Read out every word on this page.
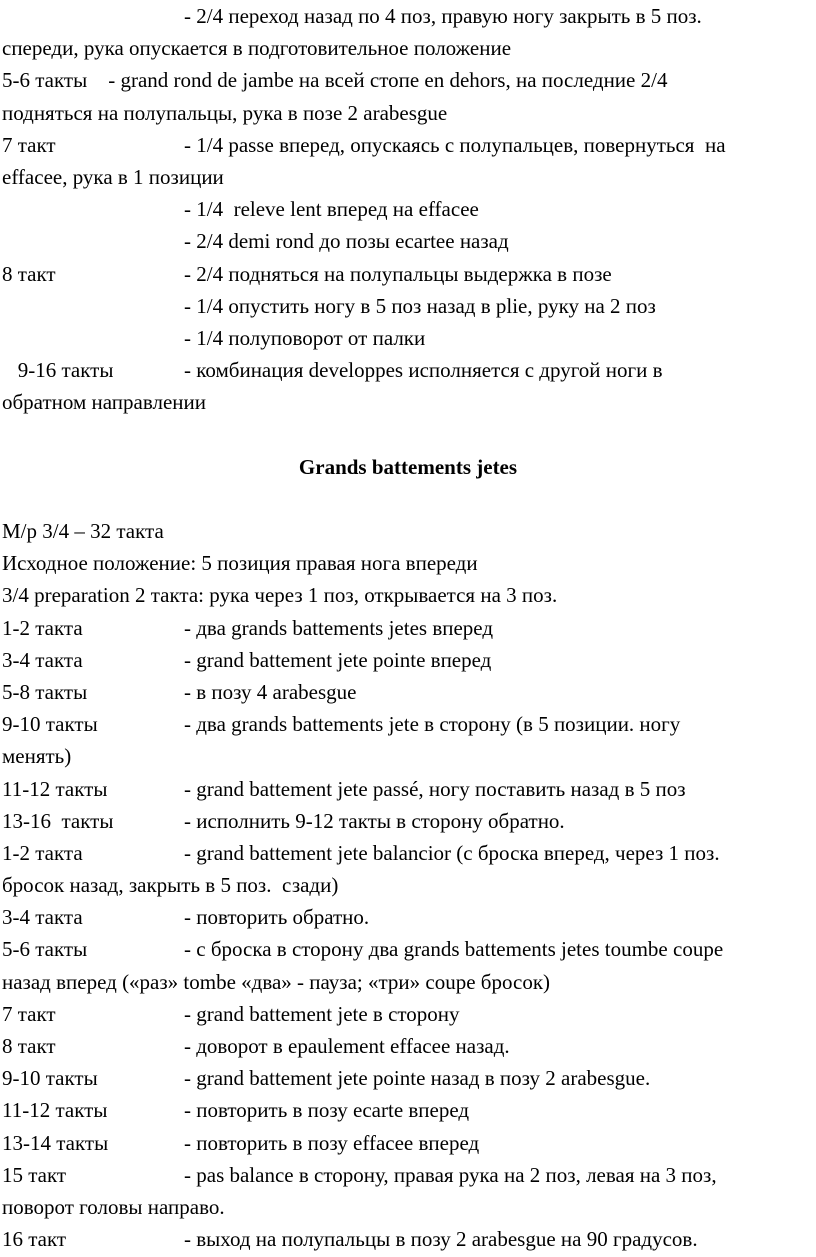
- 2/4 переход назад по 4 поз, правую ногу закрыть в 5 поз.
спереди, рука опускается в подготовительное положение
5-6 такты    - grand rond de jambe на всей стопе en dehors, на последние 2/4
подняться на полупальцы, рука в позе 2 arabesgue
7 такт	- 1/4 passe вперед, опускаясь с полупальцев, повернуться  на
effacee, рука в 1 позиции
- 1/4  releve lent вперед на effacee
- 2/4 demi rond до позы ecartee назад
8 такт	- 2/4 подняться на полупальцы выдержка в позе
- 1/4 опустить ногу в 5 поз назад в plie, руку на 2 поз
- 1/4 полуповорот от палки
9-16 такты	- комбинация developpes исполняется с другой ноги в
обратном направлении
Grands battements jetes
М/р 3/4 – 32 такта
Исходное положение: 5 позиция правая нога впереди
3/4 preparation 2 такта: рука через 1 поз, открывается на 3 поз.
1-2 такта	- два grands battements jetes вперед
3-4 такта	- grand battement jete pointe вперед
5-8 такты	- в позу 4 arabesgue
9-10 такты	- два grands battements jete в сторону (в 5 позиции. ногу
менять)
11-12 такты	- grand battement jete passé, ногу поставить назад в 5 поз
13-16  такты	- исполнить 9-12 такты в сторону обратно.
1-2 такта	- grand battement jete balancior (с броска вперед, через 1 поз.
бросок назад, закрыть в 5 поз.  сзади)
3-4 такта	- повторить обратно.
5-6 такты	- с броска в сторону два grands battements jetes toumbe coupe
назад вперед («раз» tombe «два» - пауза; «три» coupe бросок)
7 такт	- grand battement jete в сторону
8 такт	- доворот в epaulement effacee назад.
9-10 такты	- grand battement jete pointe назад в позу 2 arabesgue.
11-12 такты	- повторить в позу ecarte вперед
13-14 такты	- повторить в позу effacee вперед
15 такт	- pas balance в сторону, правая рука на 2 поз, левая на 3 поз,
поворот головы направо.
16 такт	- выход на полупальцы в позу 2 arabesgue на 90 градусов.
